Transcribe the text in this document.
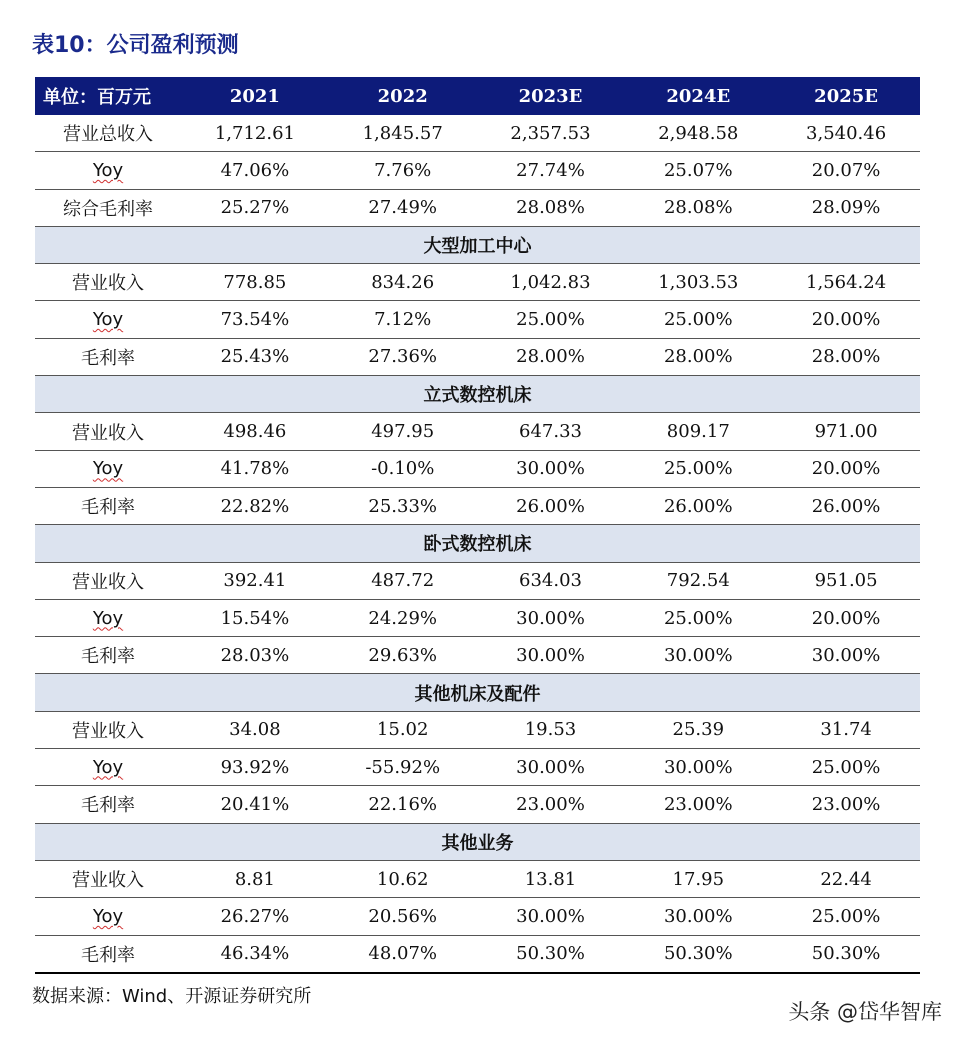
表10：公司盈利预测
单位：百万元	2021	2022	2023E	2024E	2025E
营业总收入	1,712.61	1,845.57	2,357.53	2,948.58	3,540.46
Yoy	47.06%	7.76%	27.74%	25.07%	20.07%
综合毛利率	25.27%	27.49%	28.08%	28.08%	28.09%
大型加工中心					
营业收入	778.85	834.26	1,042.83	1,303.53	1,564.24
Yoy	73.54%	7.12%	25.00%	25.00%	20.00%
毛利率	25.43%	27.36%	28.00%	28.00%	28.00%
立式数控机床					
营业收入	498.46	497.95	647.33	809.17	971.00
Yoy	41.78%	-0.10%	30.00%	25.00%	20.00%
毛利率	22.82%	25.33%	26.00%	26.00%	26.00%
卧式数控机床					
营业收入	392.41	487.72	634.03	792.54	951.05
Yoy	15.54%	24.29%	30.00%	25.00%	20.00%
毛利率	28.03%	29.63%	30.00%	30.00%	30.00%
其他机床及配件					
营业收入	34.08	15.02	19.53	25.39	31.74
Yoy	93.92%	-55.92%	30.00%	30.00%	25.00%
毛利率	20.41%	22.16%	23.00%	23.00%	23.00%
其他业务					
营业收入	8.81	10.62	13.81	17.95	22.44
Yoy	26.27%	20.56%	30.00%	30.00%	25.00%
毛利率	46.34%	48.07%	50.30%	50.30%	50.30%
数据来源：Wind、开源证券研究所
头条 @岱华智库
